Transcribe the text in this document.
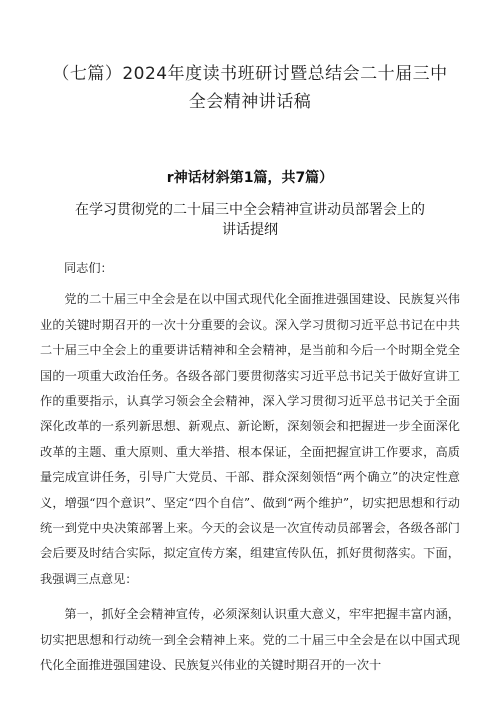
（七篇）2024年度读书班研讨暨总结会二十届三中
全会精神讲话稿
r神话材斜第1篇，共7篇）
在学习贯彻党的二十届三中全会精神宣讲动员部署会上的
讲话提纲

同志们：

党的二十届三中全会是在以中国式现代化全面推进强国建设、民族复兴伟业的关键时期召开的一次十分重要的会议。深入学习贯彻习近平总书记在中共二十届三中全会上的重要讲话精神和全会精神，是当前和今后一个时期全党全国的一项重大政治任务。各级各部门要贯彻落实习近平总书记关于做好宣讲工作的重要指示，认真学习领会全会精神，深入学习贯彻习近平总书记关于全面深化改革的一系列新思想、新观点、新论断，深刻领会和把握进一步全面深化改革的主题、重大原则、重大举措、根本保证，全面把握宣讲工作要求，高质量完成宣讲任务，引导广大党员、干部、群众深刻领悟“两个确立”的决定性意义，增强“四个意识”、坚定“四个自信”、做到“两个维护”，切实把思想和行动统一到党中央决策部署上来。今天的会议是一次宣传动员部署会，各级各部门会后要及时结合实际，拟定宣传方案，组建宣传队伍，抓好贯彻落实。下面，我强调三点意见：

第一，抓好全会精神宣传，必须深刻认识重大意义，牢牢把握丰富内涵，切实把思想和行动统一到全会精神上来。党的二十届三中全会是在以中国式现代化全面推进强国建设、民族复兴伟业的关键时期召开的一次十
